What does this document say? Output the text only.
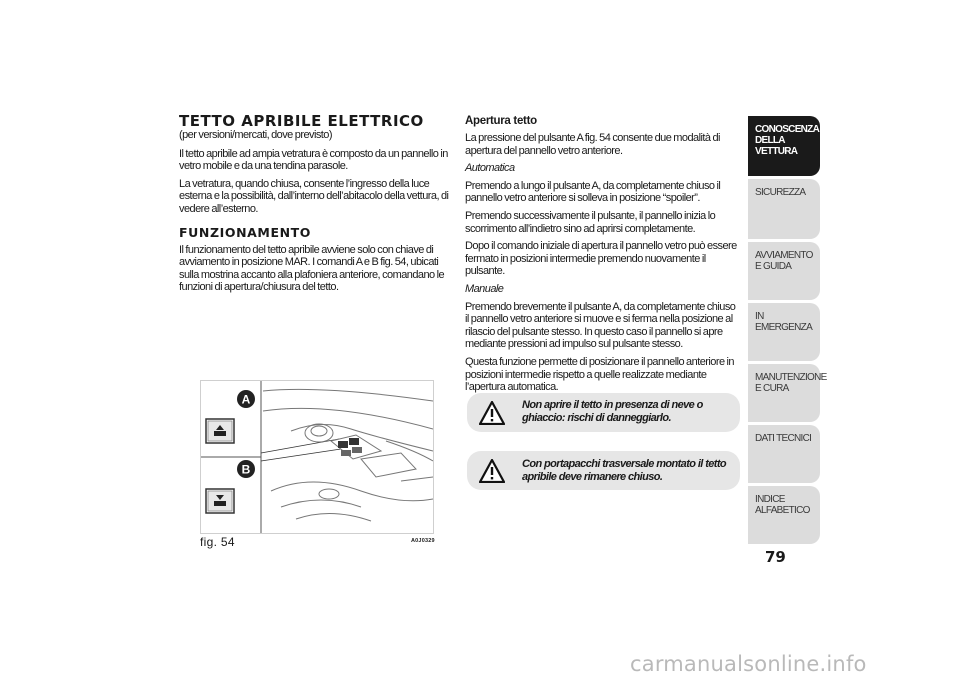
TETTO APRIBILE ELETTRICO

(per versioni/mercati, dove previsto)

Il tetto apribile ad ampia vetratura è composto da un pannello in vetro mobile e da una tendina parasole.

La vetratura, quando chiusa, consente l’ingresso della luce esterna e la possibilità, dall’interno dell’abitacolo della vettura, di vedere all’esterno.

FUNZIONAMENTO

Il funzionamento del tetto apribile avviene solo con chiave di avviamento in posizione MAR. I comandi A e B fig. 54, ubicati sulla mostrina accanto alla plafoniera anteriore, comandano le funzioni di apertura/chiusura del tetto.

A
B
fig. 54	A0J0329
Apertura tetto

La pressione del pulsante A fig. 54 consente due modalità di apertura del pannello vetro anteriore.

Automatica

Premendo a lungo il pulsante A, da completamente chiuso il pannello vetro anteriore si solleva in posizione “spoiler”.

Premendo successivamente il pulsante, il pannello inizia lo scorrimento all’indietro sino ad aprirsi completamente.

Dopo il comando iniziale di apertura il pannello vetro può essere fermato in posizioni intermedie premendo nuovamente il pulsante.

Manuale

Premendo brevemente il pulsante A, da completamente chiuso il pannello vetro anteriore si muove e si ferma nella posizione al rilascio del pulsante stesso. In questo caso il pannello si apre mediante pressioni ad impulso sul pulsante stesso.

Questa funzione permette di posizionare il pannello anteriore in posizioni intermedie rispetto a quelle realizzate mediante l’apertura automatica.

Non aprire il tetto in presenza di neve o ghiaccio: rischi di danneggiarlo.
Con portapacchi trasversale montato il tetto apribile deve rimanere chiuso.
CONOSCENZA DELLA VETTURA
SICUREZZA
AVVIAMENTO E GUIDA
IN EMERGENZA
MANUTENZIONE E CURA
DATI TECNICI
INDICE ALFABETICO
79
carmanualsonline.info
